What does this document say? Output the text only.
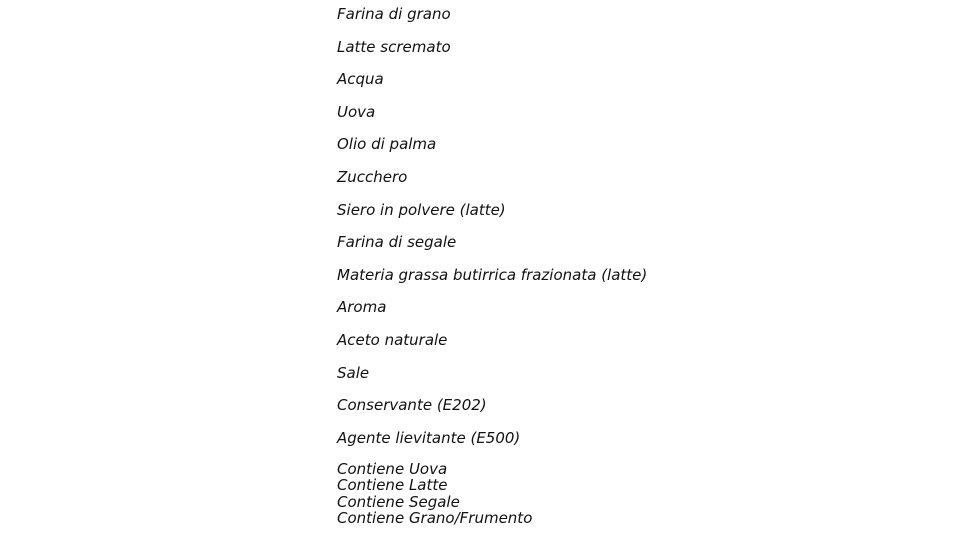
Farina di grano
Latte scremato
Acqua
Uova
Olio di palma
Zucchero
Siero in polvere (latte)
Farina di segale
Materia grassa butirrica frazionata (latte)
Aroma
Aceto naturale
Sale
Conservante (E202)
Agente lievitante (E500)
Contiene Uova
Contiene Latte
Contiene Segale
Contiene Grano/Frumento
